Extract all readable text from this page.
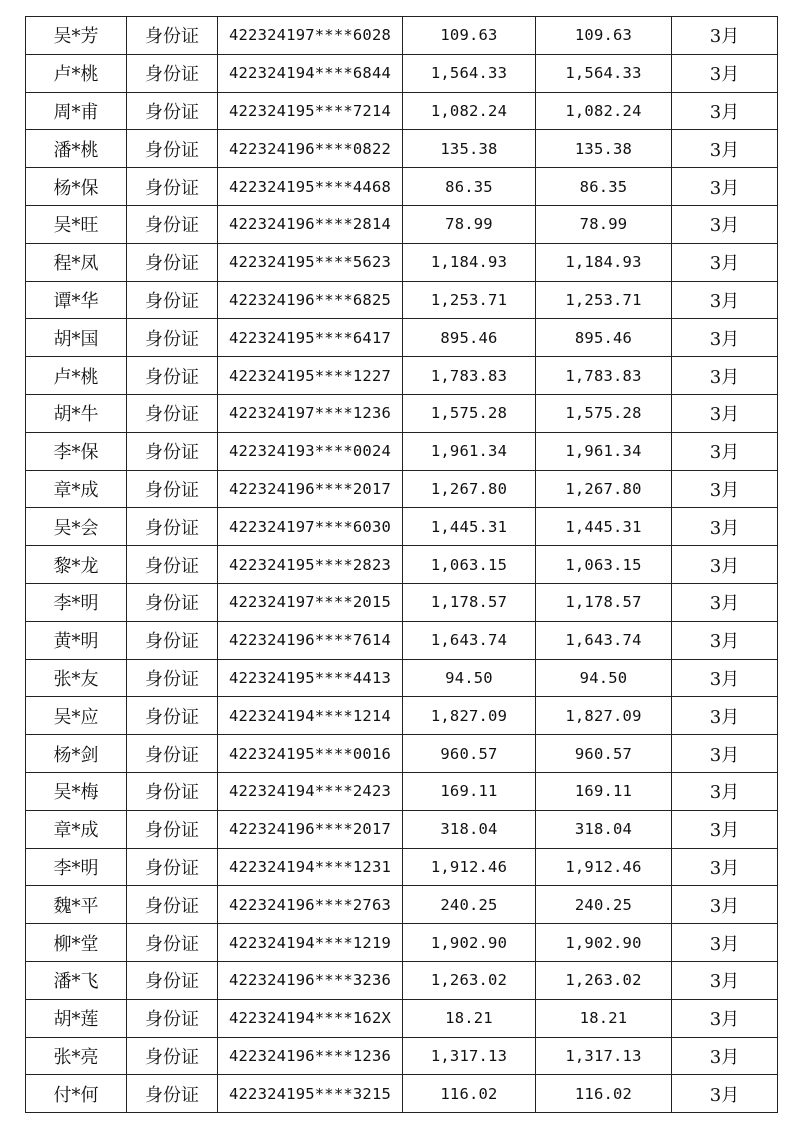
吴*芳	身份证	422324197****6028	109.63	109.63	3月
卢*桃	身份证	422324194****6844	1,564.33	1,564.33	3月
周*甫	身份证	422324195****7214	1,082.24	1,082.24	3月
潘*桃	身份证	422324196****0822	135.38	135.38	3月
杨*保	身份证	422324195****4468	86.35	86.35	3月
吴*旺	身份证	422324196****2814	78.99	78.99	3月
程*凤	身份证	422324195****5623	1,184.93	1,184.93	3月
谭*华	身份证	422324196****6825	1,253.71	1,253.71	3月
胡*国	身份证	422324195****6417	895.46	895.46	3月
卢*桃	身份证	422324195****1227	1,783.83	1,783.83	3月
胡*牛	身份证	422324197****1236	1,575.28	1,575.28	3月
李*保	身份证	422324193****0024	1,961.34	1,961.34	3月
章*成	身份证	422324196****2017	1,267.80	1,267.80	3月
吴*会	身份证	422324197****6030	1,445.31	1,445.31	3月
黎*龙	身份证	422324195****2823	1,063.15	1,063.15	3月
李*明	身份证	422324197****2015	1,178.57	1,178.57	3月
黄*明	身份证	422324196****7614	1,643.74	1,643.74	3月
张*友	身份证	422324195****4413	94.50	94.50	3月
吴*应	身份证	422324194****1214	1,827.09	1,827.09	3月
杨*剑	身份证	422324195****0016	960.57	960.57	3月
吴*梅	身份证	422324194****2423	169.11	169.11	3月
章*成	身份证	422324196****2017	318.04	318.04	3月
李*明	身份证	422324194****1231	1,912.46	1,912.46	3月
魏*平	身份证	422324196****2763	240.25	240.25	3月
柳*堂	身份证	422324194****1219	1,902.90	1,902.90	3月
潘*飞	身份证	422324196****3236	1,263.02	1,263.02	3月
胡*莲	身份证	422324194****162X	18.21	18.21	3月
张*亮	身份证	422324196****1236	1,317.13	1,317.13	3月
付*何	身份证	422324195****3215	116.02	116.02	3月
